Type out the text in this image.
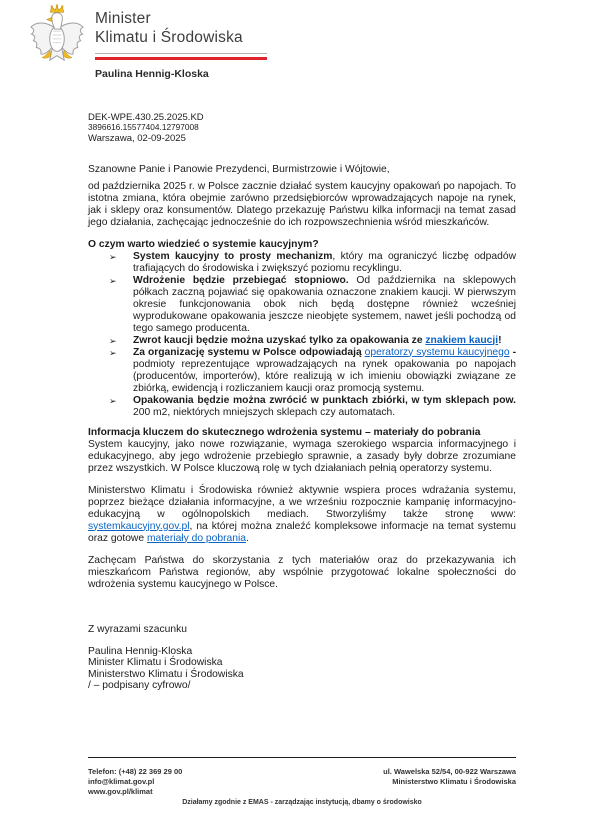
Minister
Klimatu i Środowiska
Paulina Hennig-Kloska
DEK-WPE.430.25.2025.KD
3896616.15577404.12797008
Warszawa, 02-09-2025
Szanowne Panie i Panowie Prezydenci, Burmistrzowie i Wójtowie,

od października 2025 r. w Polsce zacznie działać system kaucyjny opakowań po napojach. To istotna zmiana, która obejmie zarówno przedsiębiorców wprowadzających napoje na rynek, jak i sklepy oraz konsumentów. Dlatego przekazuję Państwu kilka informacji na temat zasad jego działania, zachęcając jednocześnie do ich rozpowszechnienia wśród mieszkańców.

O czym warto wiedzieć o systemie kaucyjnym?
➢	System kaucyjny to prosty mechanizm, który ma ograniczyć liczbę odpadów trafiających do środowiska i zwiększyć poziomu recyklingu.
➢	Wdrożenie będzie przebiegać stopniowo. Od października na sklepowych półkach zaczną pojawiać się opakowania oznaczone znakiem kaucji. W pierwszym okresie funkcjonowania obok nich będą dostępne również wcześniej wyprodukowane opakowania jeszcze nieobjęte systemem, nawet jeśli pochodzą od tego samego producenta.
➢	Zwrot kaucji będzie można uzyskać tylko za opakowania ze znakiem kaucji!
➢	Za organizację systemu w Polsce odpowiadają operatorzy systemu kaucyjnego - podmioty reprezentujące wprowadzających na rynek opakowania po napojach (producentów, importerów), które realizują w ich imieniu obowiązki związane ze zbiórką, ewidencją i rozliczaniem kaucji oraz promocją systemu.
➢	Opakowania będzie można zwrócić w punktach zbiórki, w tym sklepach pow. 200 m2, niektórych mniejszych sklepach czy automatach.
Informacja kluczem do skutecznego wdrożenia systemu – materiały do pobrania

System kaucyjny, jako nowe rozwiązanie, wymaga szerokiego wsparcia informacyjnego i edukacyjnego, aby jego wdrożenie przebiegło sprawnie, a zasady były dobrze zrozumiane przez wszystkich. W Polsce kluczową rolę w tych działaniach pełnią operatorzy systemu.

Ministerstwo Klimatu i Środowiska również aktywnie wspiera proces wdrażania systemu, poprzez bieżące działania informacyjne, a we wrześniu rozpocznie kampanię informacyjno-edukacyjną w ogólnopolskich mediach. Stworzyliśmy także stronę www: systemkaucyjny.gov.pl, na której można znaleźć kompleksowe informacje na temat systemu oraz gotowe materiały do pobrania.

Zachęcam Państwa do skorzystania z tych materiałów oraz do przekazywania ich mieszkańcom Państwa regionów, aby wspólnie przygotować lokalne społeczności do wdrożenia systemu kaucyjnego w Polsce.

Z wyrazami szacunku
Paulina Hennig-Kloska
Minister Klimatu i Środowiska
Ministerstwo Klimatu i Środowiska
/ – podpisany cyfrowo/
Telefon: (+48) 22 369 29 00
info@klimat.gov.pl
www.gov.pl/klimat
ul. Wawelska 52/54, 00-922 Warszawa
Ministerstwo Klimatu i Środowiska
Działamy zgodnie z EMAS - zarządzając instytucją, dbamy o środowisko
